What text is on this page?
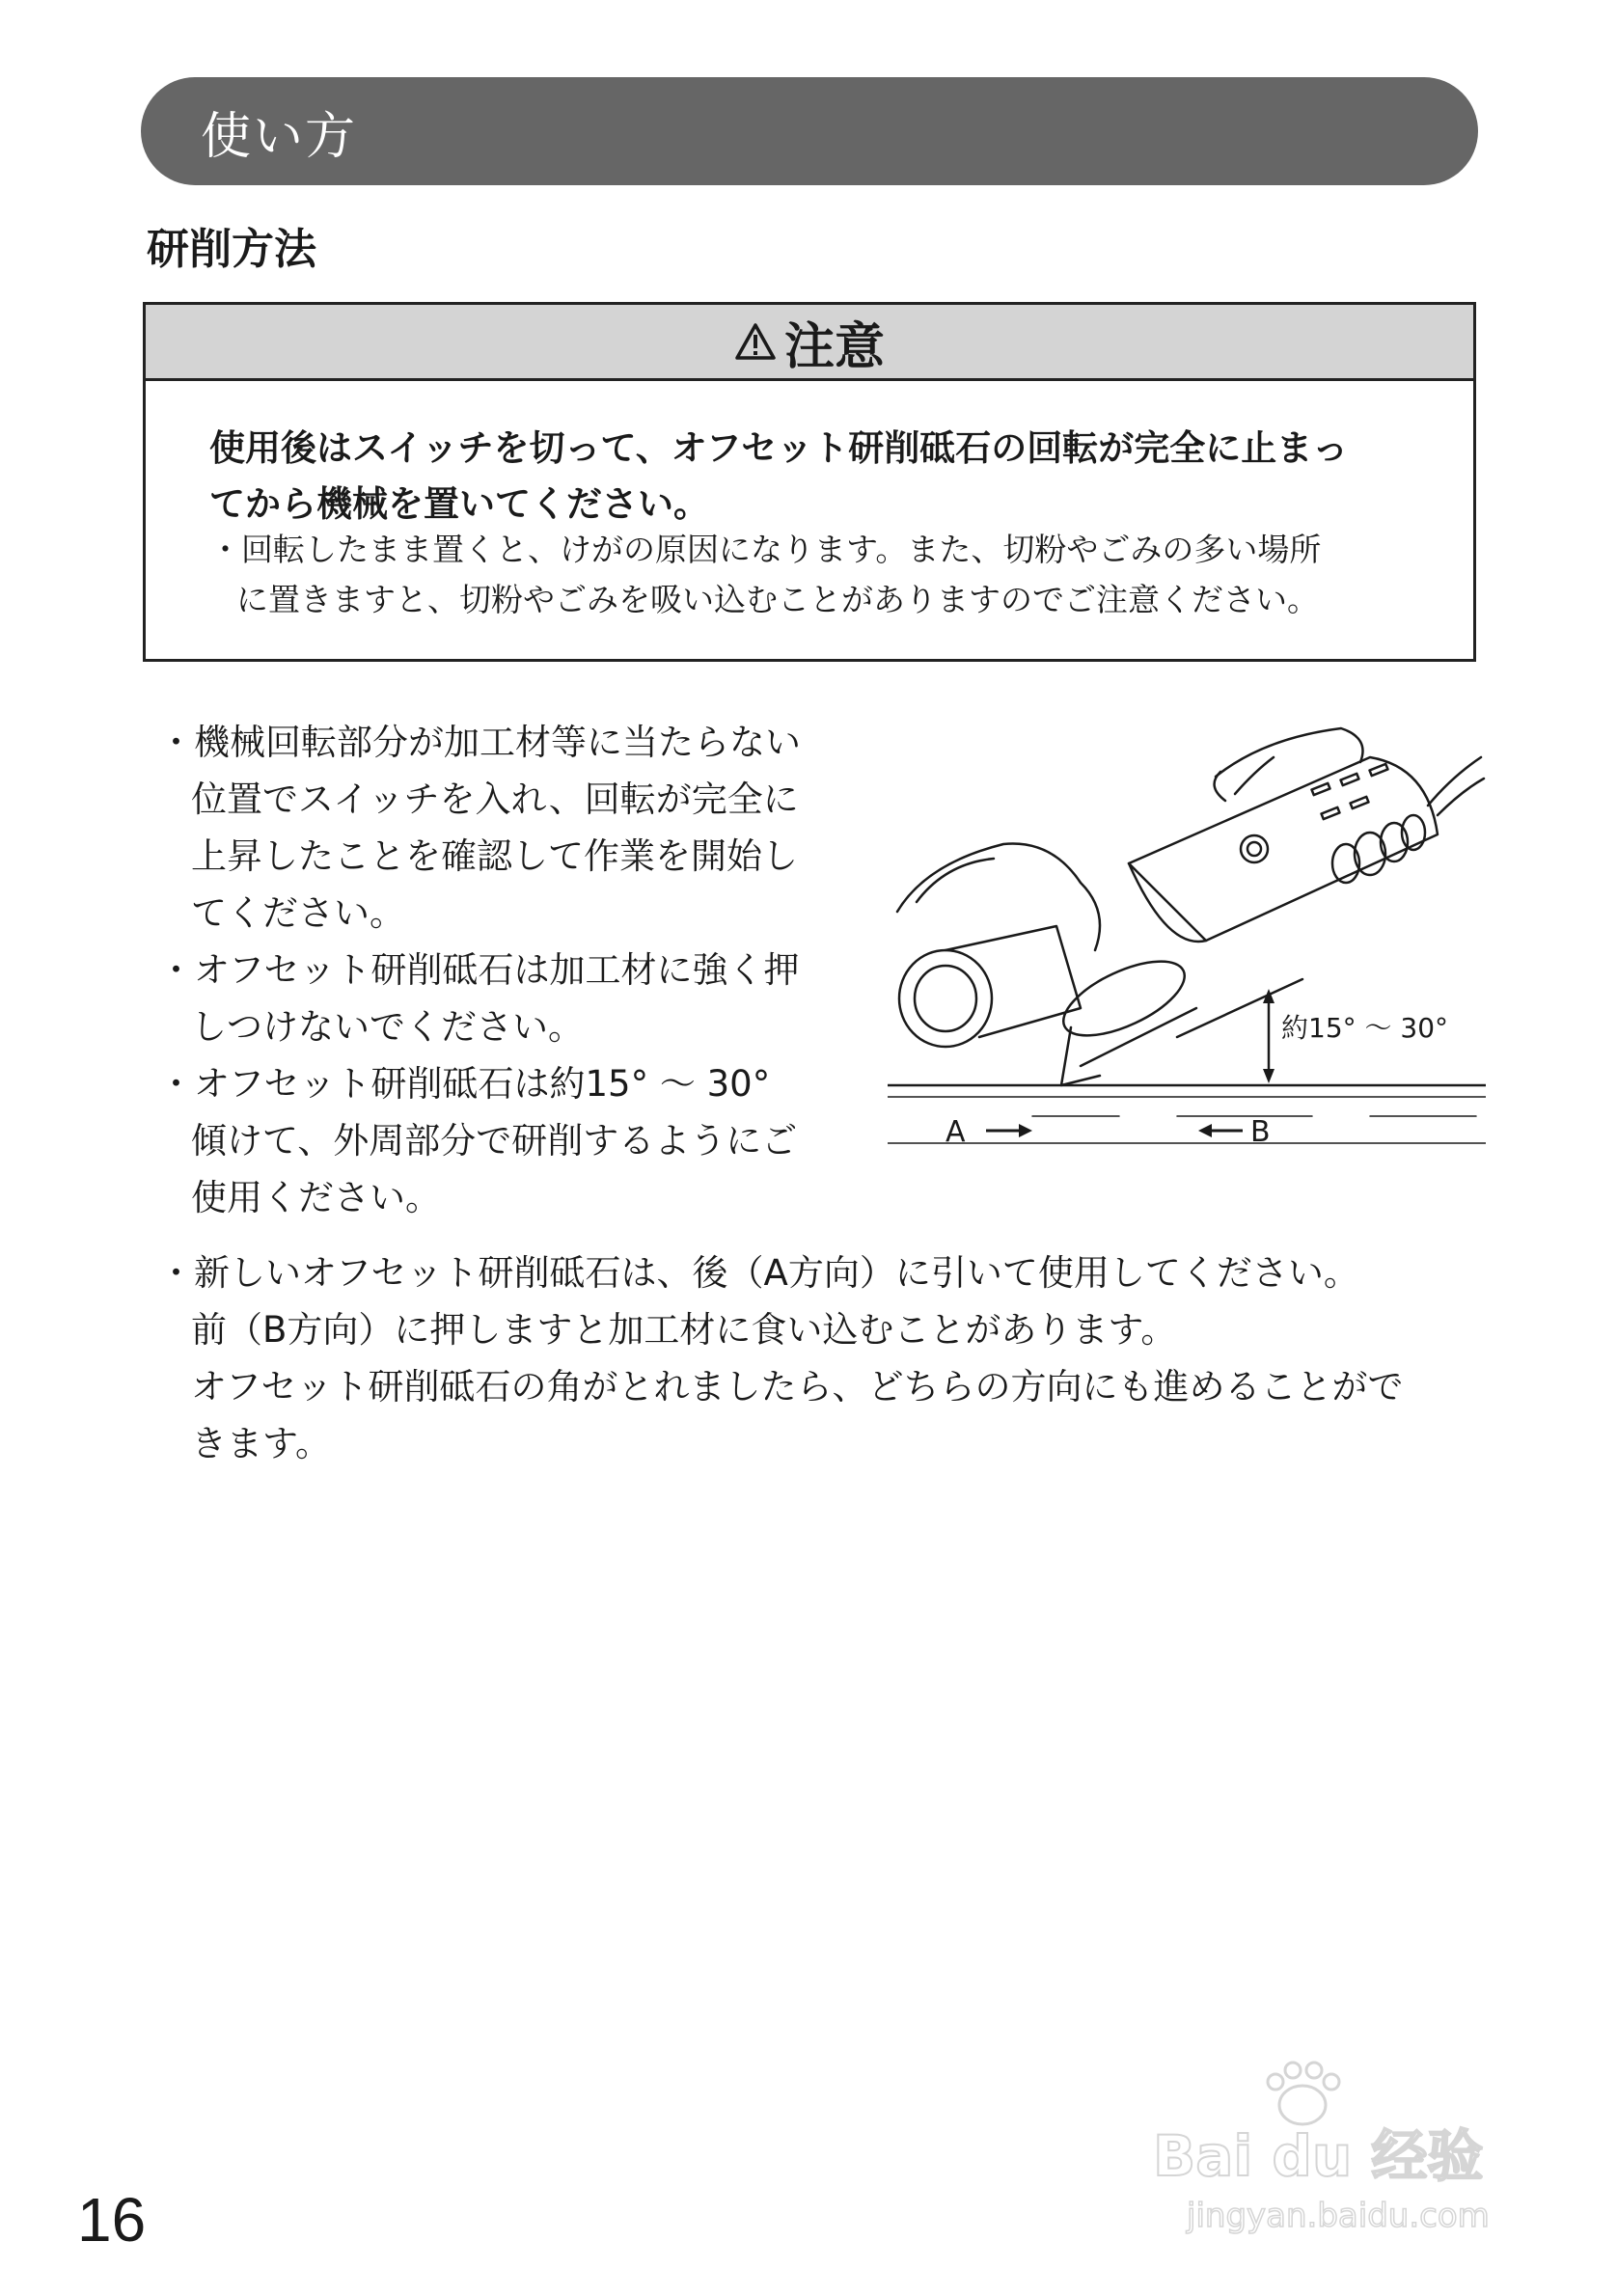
使い方
研削方法
注意
使用後はスイッチを切って、オフセット研削砥石の回転が完全に止まっ
てから機械を置いてください。
・回転したまま置くと、けがの原因になります。また、切粉やごみの多い場所
に置きますと、切粉やごみを吸い込むことがありますのでご注意ください。
・機械回転部分が加工材等に当たらない
位置でスイッチを入れ、回転が完全に
上昇したことを確認して作業を開始し
てください。
・オフセット研削砥石は加工材に強く押
しつけないでください。
・オフセット研削砥石は約15° ～ 30°
傾けて、外周部分で研削するようにご
使用ください。
・新しいオフセット研削砥石は、後（A方向）に引いて使用してください。
前（B方向）に押しますと加工材に食い込むことがあります。
オフセット研削砥石の角がとれましたら、どちらの方向にも進めることがで
きます。
約15° ～ 30°
A	B
Bai du 经验
jingyan.baidu.com
16
